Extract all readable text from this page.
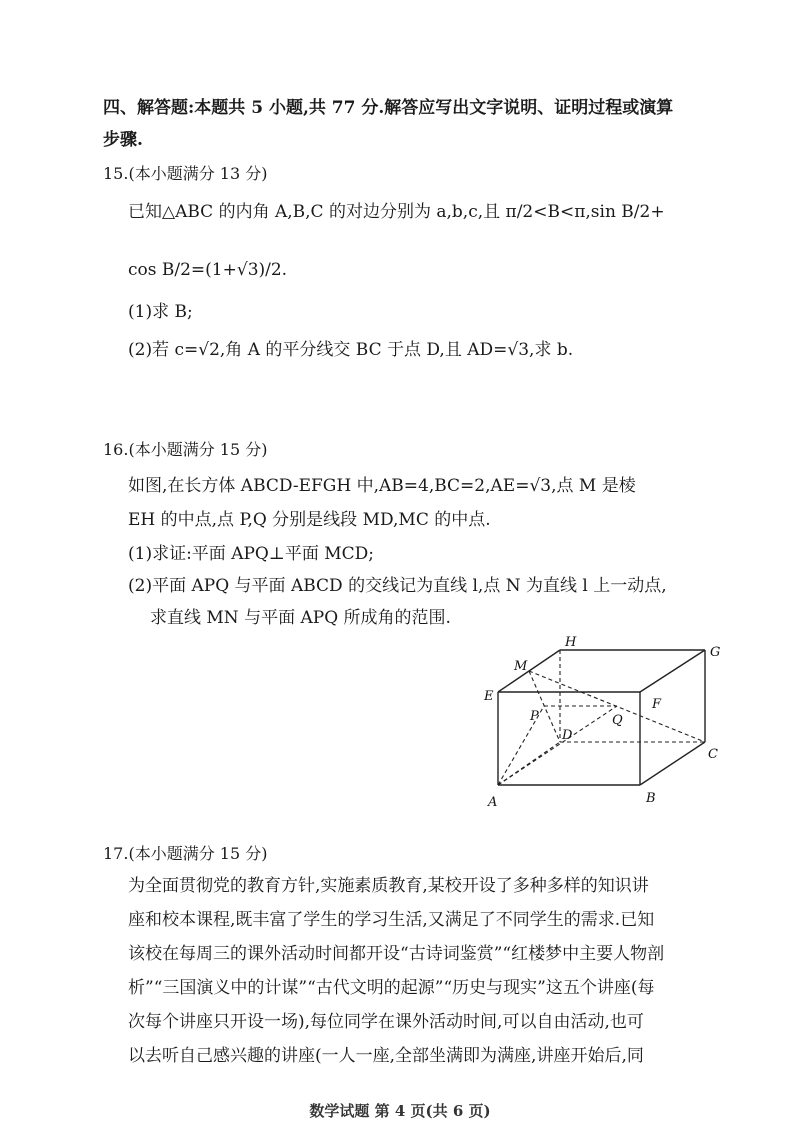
四、解答题:本题共 5 小题,共 77 分.解答应写出文字说明、证明过程或演算
步骤.
15.(本小题满分 13 分)
已知△ABC 的内角 A,B,C 的对边分别为 a,b,c,且 π/2<B<π,sin B/2+
cos B/2=(1+√3)/2.
(1)求 B;
(2)若 c=√2,角 A 的平分线交 BC 于点 D,且 AD=√3,求 b.
16.(本小题满分 15 分)
如图,在长方体 ABCD-EFGH 中,AB=4,BC=2,AE=√3,点 M 是棱
EH 的中点,点 P,Q 分别是线段 MD,MC 的中点.
(1)求证:平面 APQ⊥平面 MCD;
(2)平面 APQ 与平面 ABCD 的交线记为直线 l,点 N 为直线 l 上一动点,
求直线 MN 与平面 APQ 所成角的范围.
A	B
C
D
E
F
G
H
M
P	Q
17.(本小题满分 15 分)
为全面贯彻党的教育方针,实施素质教育,某校开设了多种多样的知识讲
座和校本课程,既丰富了学生的学习生活,又满足了不同学生的需求.已知
该校在每周三的课外活动时间都开设“古诗词鉴赏”“红楼梦中主要人物剖
析”“三国演义中的计谋”“古代文明的起源”“历史与现实”这五个讲座(每
次每个讲座只开设一场),每位同学在课外活动时间,可以自由活动,也可
以去听自己感兴趣的讲座(一人一座,全部坐满即为满座,讲座开始后,同
数学试题 第 4 页(共 6 页)
